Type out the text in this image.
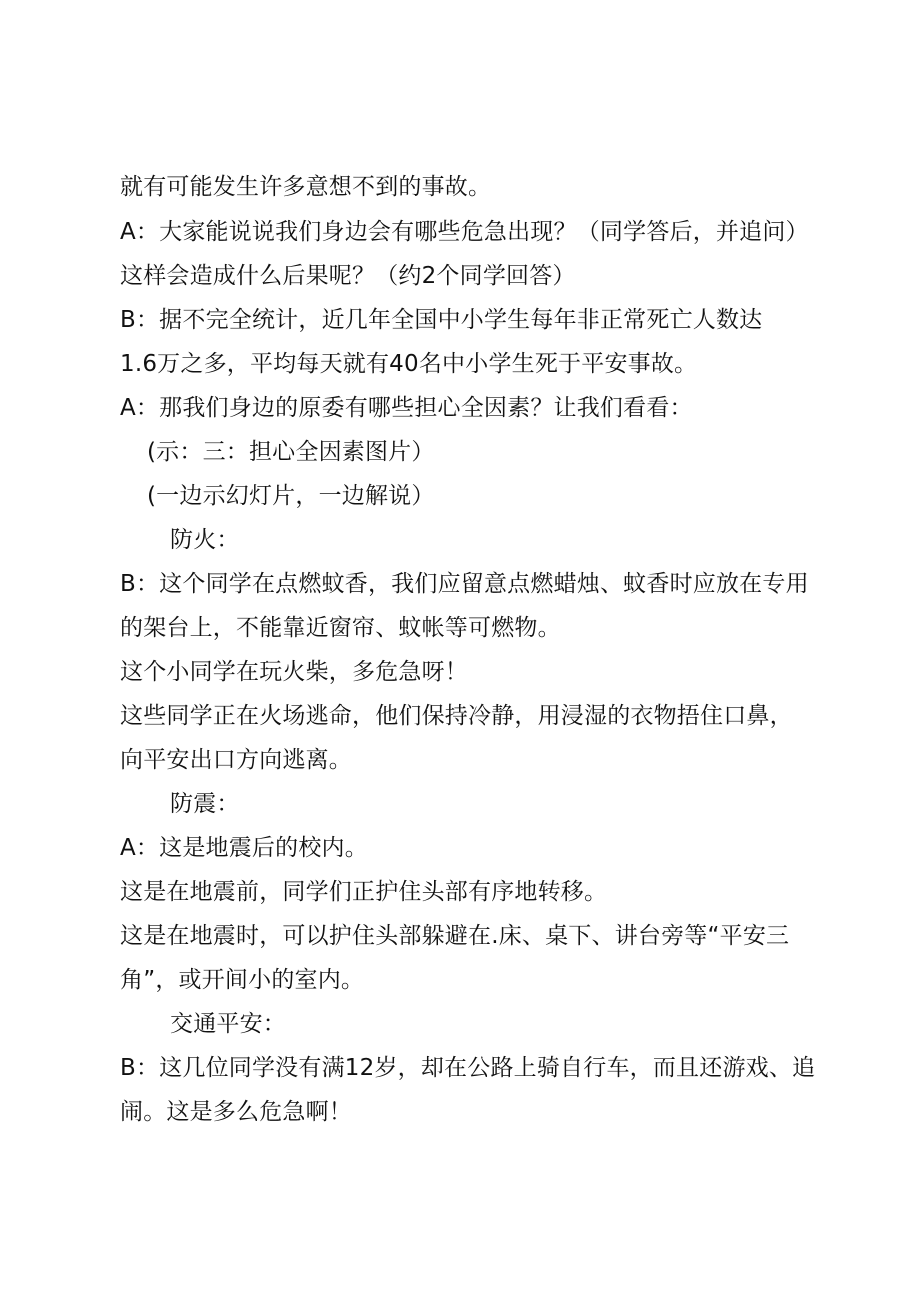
就有可能发生许多意想不到的事故。
A：大家能说说我们身边会有哪些危急出现？（同学答后，并追问）
这样会造成什么后果呢？（约2个同学回答）
B：据不完全统计，近几年全国中小学生每年非正常死亡人数达
1.6万之多，平均每天就有40名中小学生死于平安事故。
A：那我们身边的原委有哪些担心全因素？让我们看看：
(示：三：担心全因素图片）
(一边示幻灯片，一边解说）
防火：
B：这个同学在点燃蚊香，我们应留意点燃蜡烛、蚊香时应放在专用
的架台上，不能靠近窗帘、蚊帐等可燃物。
这个小同学在玩火柴，多危急呀！
这些同学正在火场逃命，他们保持冷静，用浸湿的衣物捂住口鼻，
向平安出口方向逃离。
防震：
A：这是地震后的校内。
这是在地震前，同学们正护住头部有序地转移。
这是在地震时，可以护住头部躲避在.床、桌下、讲台旁等“平安三
角”，或开间小的室内。
交通平安：
B：这几位同学没有满12岁，却在公路上骑自行车，而且还游戏、追
闹。这是多么危急啊！
